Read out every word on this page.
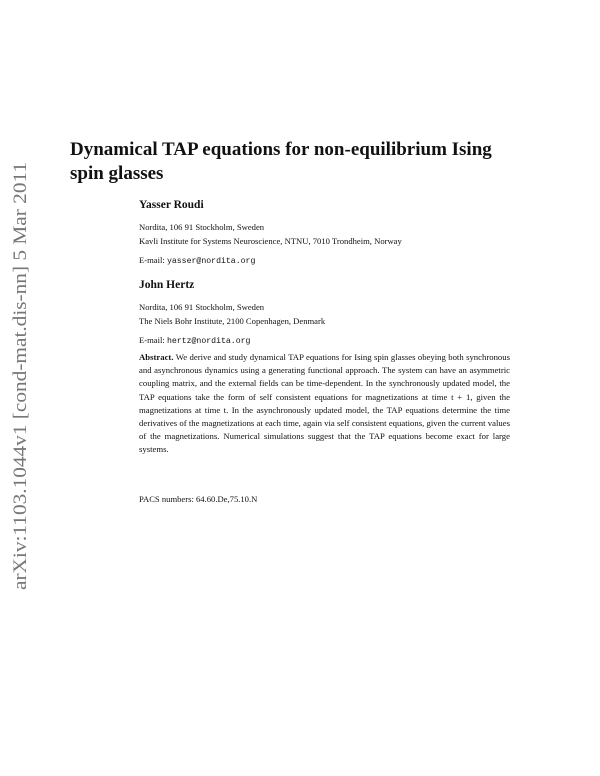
arXiv:1103.1044v1 [cond-mat.dis-nn] 5 Mar 2011
Dynamical TAP equations for non-equilibrium Ising spin glasses

Yasser Roudi

Nordita, 106 91 Stockholm, Sweden

Kavli Institute for Systems Neuroscience, NTNU, 7010 Trondheim, Norway

E-mail: yasser@nordita.org

John Hertz

Nordita, 106 91 Stockholm, Sweden

The Niels Bohr Institute, 2100 Copenhagen, Denmark

E-mail: hertz@nordita.org

Abstract. We derive and study dynamical TAP equations for Ising spin glasses obeying both synchronous and asynchronous dynamics using a generating functional approach. The system can have an asymmetric coupling matrix, and the external fields can be time-dependent. In the synchronously updated model, the TAP equations take the form of self consistent equations for magnetizations at time t + 1, given the magnetizations at time t. In the asynchronously updated model, the TAP equations determine the time derivatives of the magnetizations at each time, again via self consistent equations, given the current values of the magnetizations. Numerical simulations suggest that the TAP equations become exact for large systems.

PACS numbers: 64.60.De,75.10.N
